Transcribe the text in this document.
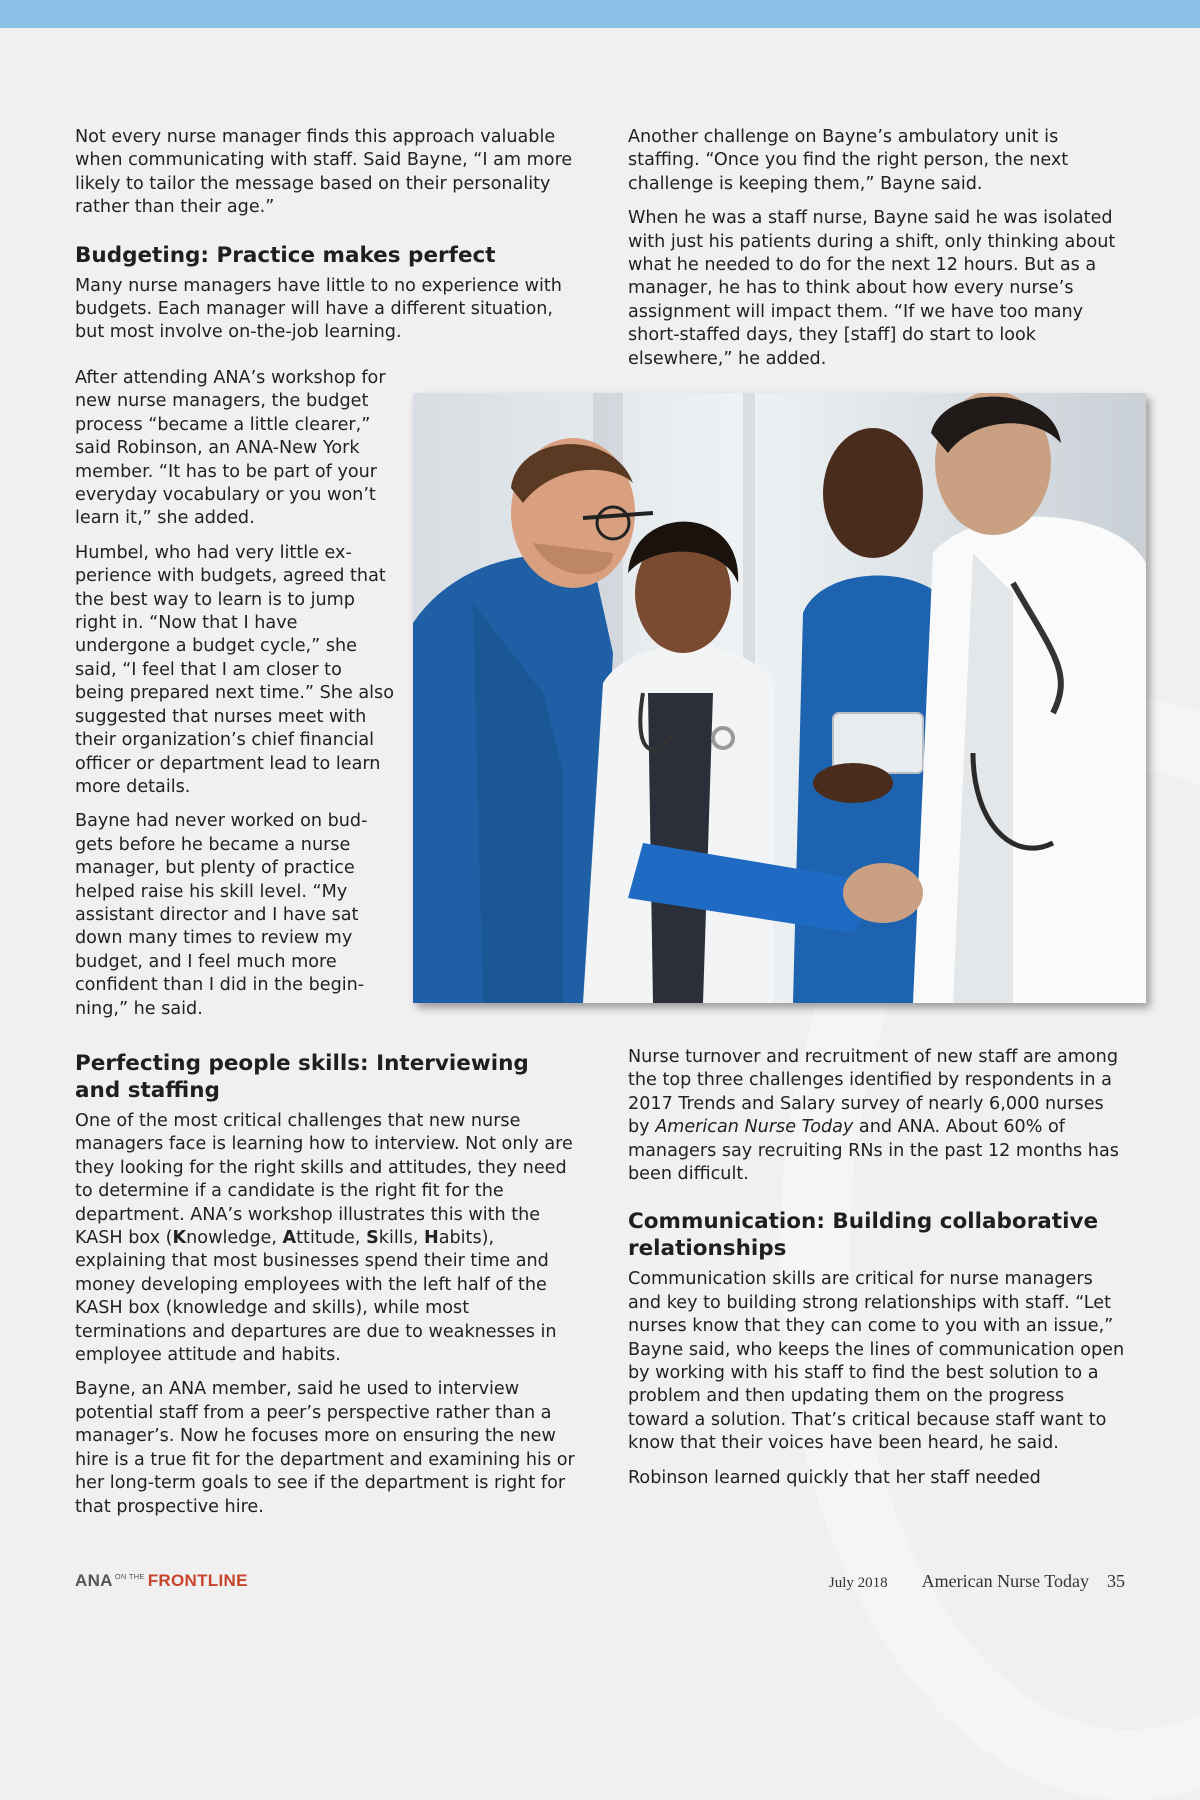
Not every nurse manager finds this approach valuable when communicating with staff. Said Bayne, “I am more likely to tailor the message based on their personality rather than their age.”

Budgeting: Practice makes perfect

Many nurse managers have little to no experience with budgets. Each manager will have a different situation, but most involve on-the-job learning.

After attending ANA’s workshop for new nurse managers, the budget process “became a little clearer,” said Robinson, an ANA-New York member. “It has to be part of your everyday vocabulary or you won’t learn it,” she added.

Humbel, who had very little experience with budgets, agreed that the best way to learn is to jump right in. “Now that I have undergone a budget cycle,” she said, “I feel that I am closer to being prepared next time.” She also suggested that nurses meet with their organization’s chief financial officer or department lead to learn more details.

Bayne had never worked on budgets before he became a nurse manager, but plenty of practice helped raise his skill level. “My assistant director and I have sat down many times to review my budget, and I feel much more confident than I did in the beginning,” he said.

Another challenge on Bayne’s ambulatory unit is staffing. “Once you find the right person, the next challenge is keeping them,” Bayne said.

When he was a staff nurse, Bayne said he was isolated with just his patients during a shift, only thinking about what he needed to do for the next 12 hours. But as a manager, he has to think about how every nurse’s assignment will impact them. “If we have too many short-staffed days, they [staff] do start to look elsewhere,” he added.

Perfecting people skills: Interviewing and staffing

One of the most critical challenges that new nurse managers face is learning how to interview. Not only are they looking for the right skills and attitudes, they need to determine if a candidate is the right fit for the department. ANA’s workshop illustrates this with the KASH box (Knowledge, Attitude, Skills, Habits), explaining that most businesses spend their time and money developing employees with the left half of the KASH box (knowledge and skills), while most terminations and departures are due to weaknesses in employee attitude and habits.

Bayne, an ANA member, said he used to interview potential staff from a peer’s perspective rather than a manager’s. Now he focuses more on ensuring the new hire is a true fit for the department and examining his or her long-term goals to see if the department is right for that prospective hire.

Nurse turnover and recruitment of new staff are among the top three challenges identified by respondents in a 2017 Trends and Salary survey of nearly 6,000 nurses by American Nurse Today and ANA. About 60% of managers say recruiting RNs in the past 12 months has been difficult.

Communication: Building collaborative relationships

Communication skills are critical for nurse managers and key to building strong relationships with staff. “Let nurses know that they can come to you with an issue,” Bayne said, who keeps the lines of communication open by working with his staff to find the best solution to a problem and then updating them on the progress toward a solution. That’s critical because staff want to know that their voices have been heard, he said.

Robinson learned quickly that her staff needed

ANA $^{ON THE}$ FRONTLINE	July 2018 American Nurse Today 35
